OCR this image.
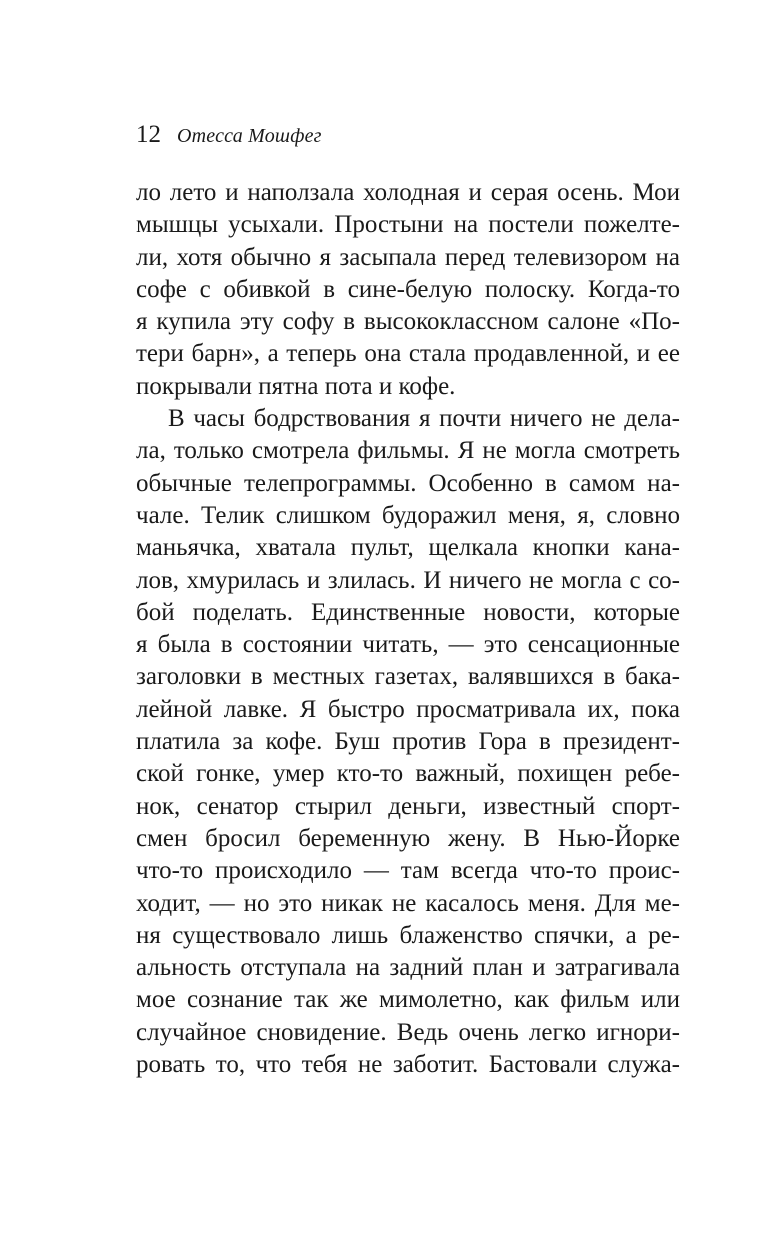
12 Отесса Мошфег
ло лето и наползала холодная и серая осень. Мои
мышцы усыхали. Простыни на постели пожелте-
ли, хотя обычно я засыпала перед телевизором на
софе с обивкой в сине-белую полоску. Когда-то
я купила эту софу в высококлассном салоне «По-
тери барн», а теперь она стала продавленной, и ее
покрывали пятна пота и кофе.
В часы бодрствования я почти ничего не дела-
ла, только смотрела фильмы. Я не могла смотреть
обычные телепрограммы. Особенно в самом на-
чале. Телик слишком будоражил меня, я, словно
маньячка, хватала пульт, щелкала кнопки кана-
лов, хмурилась и злилась. И ничего не могла с со-
бой поделать. Единственные новости, которые
я была в состоянии читать, — это сенсационные
заголовки в местных газетах, валявшихся в бака-
лейной лавке. Я быстро просматривала их, пока
платила за кофе. Буш против Гора в президент-
ской гонке, умер кто-то важный, похищен ребе-
нок, сенатор стырил деньги, известный спорт-
смен бросил беременную жену. В Нью-Йорке
что-то происходило — там всегда что-то проис-
ходит, — но это никак не касалось меня. Для ме-
ня существовало лишь блаженство спячки, а ре-
альность отступала на задний план и затрагивала
мое сознание так же мимолетно, как фильм или
случайное сновидение. Ведь очень легко игнори-
ровать то, что тебя не заботит. Бастовали служа-
